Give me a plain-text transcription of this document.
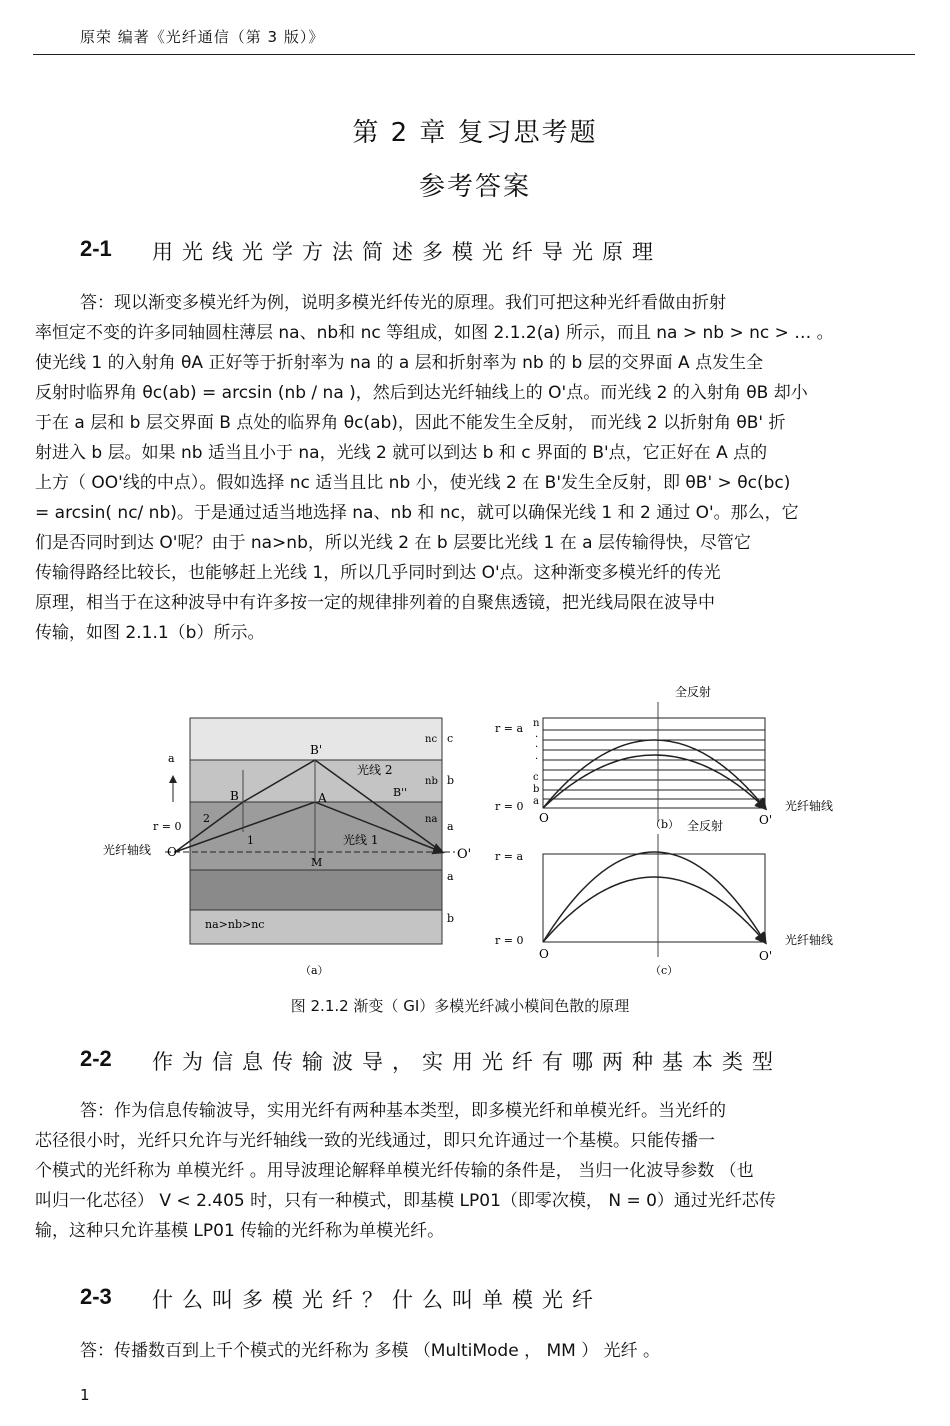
原荣 编著《光纤通信（第 3 版）》
第 2 章 复习思考题
参考答案
2-1 用光线光学方法简述多模光纤导光原理
答：现以渐变多模光纤为例，说明多模光纤传光的原理。我们可把这种光纤看做由折射
率恒定不变的许多同轴圆柱薄层 na、nb和 nc 等组成，如图 2.1.2(a) 所示，而且 na > nb > nc > … 。
使光线 1 的入射角 θA 正好等于折射率为 na 的 a 层和折射率为 nb 的 b 层的交界面 A 点发生全
反射时临界角 θc(ab) = arcsin (nb / na )，然后到达光纤轴线上的 O'点。而光线 2 的入射角 θB 却小
于在 a 层和 b 层交界面 B 点处的临界角 θc(ab)，因此不能发生全反射， 而光线 2 以折射角 θB' 折
射进入 b 层。如果 nb 适当且小于 na，光线 2 就可以到达 b 和 c 界面的 B'点，它正好在 A 点的
上方（ OO'线的中点）。假如选择 nc 适当且比 nb 小，使光线 2 在 B'发生全反射，即 θB' > θc(bc)
= arcsin( nc/ nb)。于是通过适当地选择 na、nb 和 nc，就可以确保光线 1 和 2 通过 O'。那么，它
们是否同时到达 O'呢？由于 na>nb，所以光线 2 在 b 层要比光线 1 在 a 层传输得快，尽管它
传输得路经比较长，也能够赶上光线 1，所以几乎同时到达 O'点。这种渐变多模光纤的传光
原理，相当于在这种波导中有许多按一定的规律排列着的自聚焦透镜，把光线局限在波导中
传输，如图 2.1.1（b）所示。
a
r = 0
光纤轴线 O	O'
B'
A
B	B''
M
2
1
光线 2
光线 1
na>nb>nc
nc
nb
na
c
b
a
a
b
（a）
全反射
r = a
r = 0
n
·
·
·
c
b
a
O	O'
光纤轴线
（b） 全反射
r = a
r = 0
O	O'
光纤轴线
（c）
图 2.1.2 渐变（ GI）多模光纤减小模间色散的原理
2-2 作为信息传输波导，实用光纤有哪两种基本类型
答：作为信息传输波导，实用光纤有两种基本类型，即多模光纤和单模光纤。当光纤的
芯径很小时，光纤只允许与光纤轴线一致的光线通过，即只允许通过一个基模。只能传播一
个模式的光纤称为 单模光纤 。用导波理论解释单模光纤传输的条件是， 当归一化波导参数 （也
叫归一化芯径） V < 2.405 时，只有一种模式，即基模 LP01（即零次模， N = 0）通过光纤芯传
输，这种只允许基模 LP01 传输的光纤称为单模光纤。
2-3 什么叫多模光纤？什么叫单模光纤
答：传播数百到上千个模式的光纤称为 多模 （MultiMode ， MM ） 光纤 。
1
